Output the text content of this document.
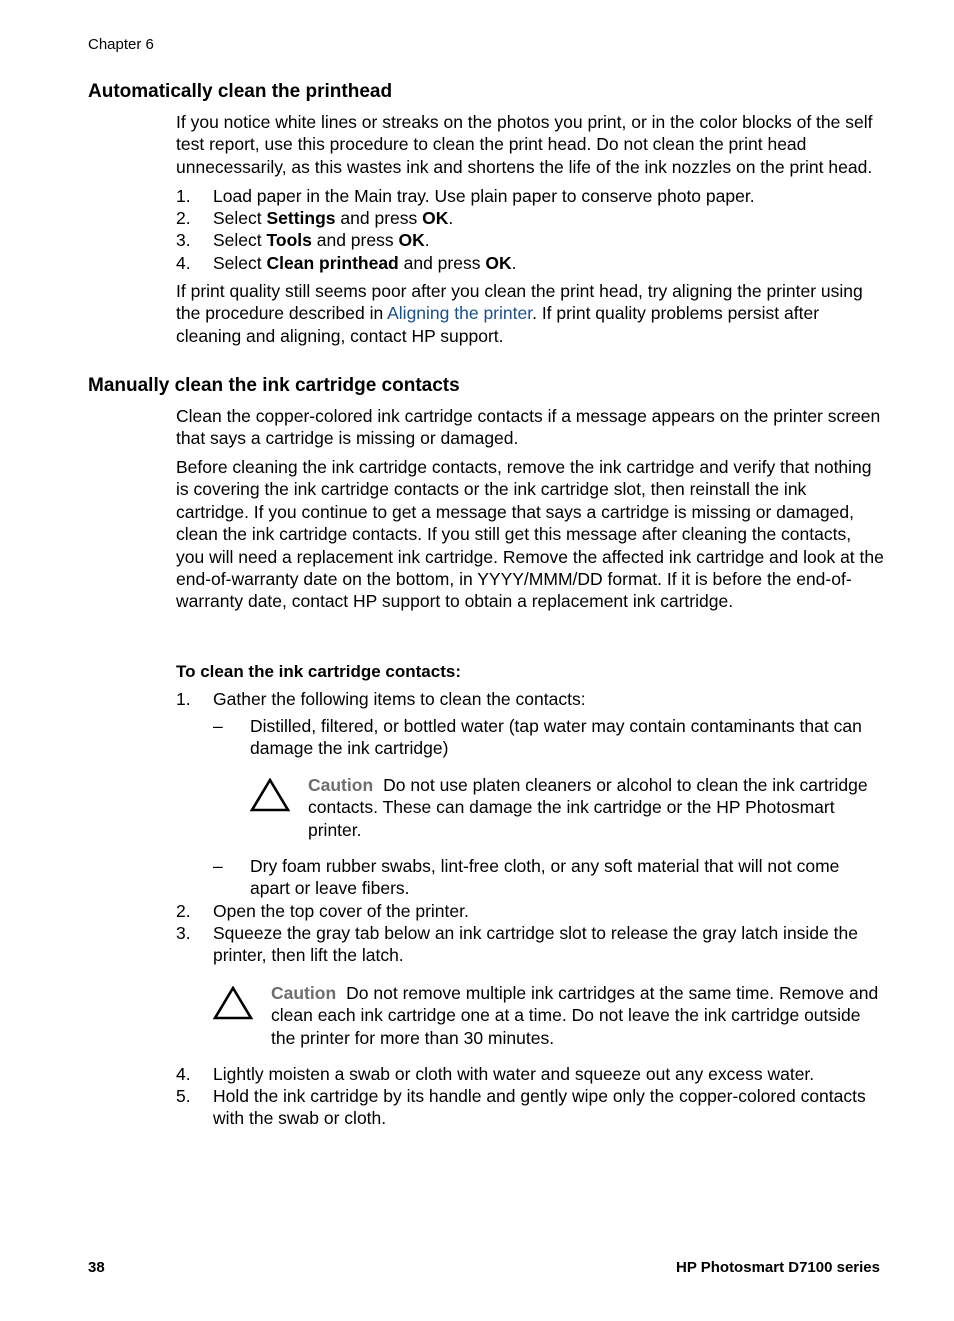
Chapter 6
Automatically clean the printhead

If you notice white lines or streaks on the photos you print, or in the color blocks of the self test report, use this procedure to clean the print head. Do not clean the print head unnecessarily, as this wastes ink and shortens the life of the ink nozzles on the print head.

1. Load paper in the Main tray. Use plain paper to conserve photo paper.
2. Select Settings and press OK.
3. Select Tools and press OK.
4. Select Clean printhead and press OK.

If print quality still seems poor after you clean the print head, try aligning the printer using the procedure described in Aligning the printer. If print quality problems persist after cleaning and aligning, contact HP support.

Manually clean the ink cartridge contacts

Clean the copper-colored ink cartridge contacts if a message appears on the printer screen that says a cartridge is missing or damaged.

Before cleaning the ink cartridge contacts, remove the ink cartridge and verify that nothing is covering the ink cartridge contacts or the ink cartridge slot, then reinstall the ink cartridge. If you continue to get a message that says a cartridge is missing or damaged, clean the ink cartridge contacts. If you still get this message after cleaning the contacts, you will need a replacement ink cartridge. Remove the affected ink cartridge and look at the end-of-warranty date on the bottom, in YYYY/MMM/DD format. If it is before the end-of-warranty date, contact HP support to obtain a replacement ink cartridge.

To clean the ink cartridge contacts:
1. Gather the following items to clean the contacts:
– Distilled, filtered, or bottled water (tap water may contain contaminants that can damage the ink cartridge)
Caution Do not use platen cleaners or alcohol to clean the ink cartridge contacts. These can damage the ink cartridge or the HP Photosmart printer.
– Dry foam rubber swabs, lint-free cloth, or any soft material that will not come apart or leave fibers.
2. Open the top cover of the printer.
3. Squeeze the gray tab below an ink cartridge slot to release the gray latch inside the printer, then lift the latch.
Caution Do not remove multiple ink cartridges at the same time. Remove and clean each ink cartridge one at a time. Do not leave the ink cartridge outside the printer for more than 30 minutes.
4. Lightly moisten a swab or cloth with water and squeeze out any excess water.
5. Hold the ink cartridge by its handle and gently wipe only the copper-colored contacts with the swab or cloth.
38	HP Photosmart D7100 series
